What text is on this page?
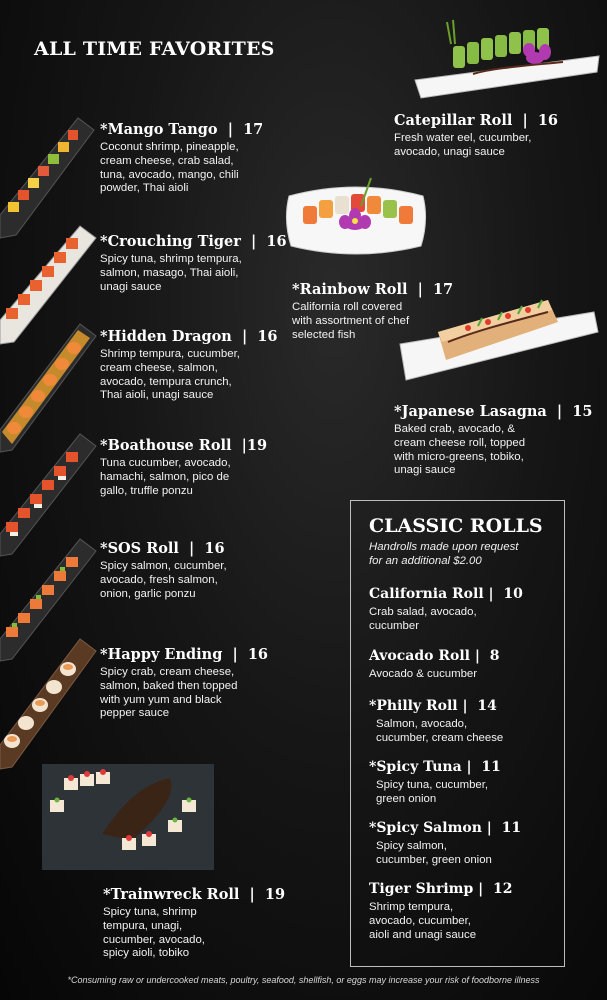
ALL TIME FAVORITES
*Mango Tango  |  17
Coconut shrimp, pineapple,
cream cheese, crab salad,
tuna, avocado, mango, chili
powder, Thai aioli
*Crouching Tiger  |  16
Spicy tuna, shrimp tempura,
salmon, masago, Thai aioli,
unagi sauce
*Hidden Dragon  |  16
Shrimp tempura, cucumber,
cream cheese, salmon,
avocado, tempura crunch,
Thai aioli, unagi sauce
*Boathouse Roll  |19
Tuna cucumber, avocado,
hamachi, salmon, pico de
gallo, truffle ponzu
*SOS Roll  |  16
Spicy salmon, cucumber,
avocado, fresh salmon,
onion, garlic ponzu
*Happy Ending  |  16
Spicy crab, cream cheese,
salmon, baked then topped
with yum yum and black
pepper sauce
*Trainwreck Roll  |  19
Spicy tuna, shrimp
tempura, unagi,
cucumber, avocado,
spicy aioli, tobiko
Catepillar Roll  |  16
Fresh water eel, cucumber,
avocado, unagi sauce
*Rainbow Roll  |  17
California roll covered
with assortment of chef
selected fish
*Japanese Lasagna  |  15
Baked crab, avocado, &
cream cheese roll, topped
with micro-greens, tobiko,
unagi sauce
CLASSIC ROLLS
Handrolls made upon request
for an additional $2.00
California Roll |  10
Crab salad, avocado,
cucumber
Avocado Roll |  8
Avocado & cucumber
*Philly Roll |  14
Salmon, avocado,
cucumber, cream cheese
*Spicy Tuna |  11
Spicy tuna, cucumber,
green onion
*Spicy Salmon |  11
Spicy salmon,
cucumber, green onion
Tiger Shrimp |  12
Shrimp tempura,
avocado, cucumber,
aioli and unagi sauce
*Consuming raw or undercooked meats, poultry, seafood, shellfish, or eggs may increase your risk of foodborne illness
